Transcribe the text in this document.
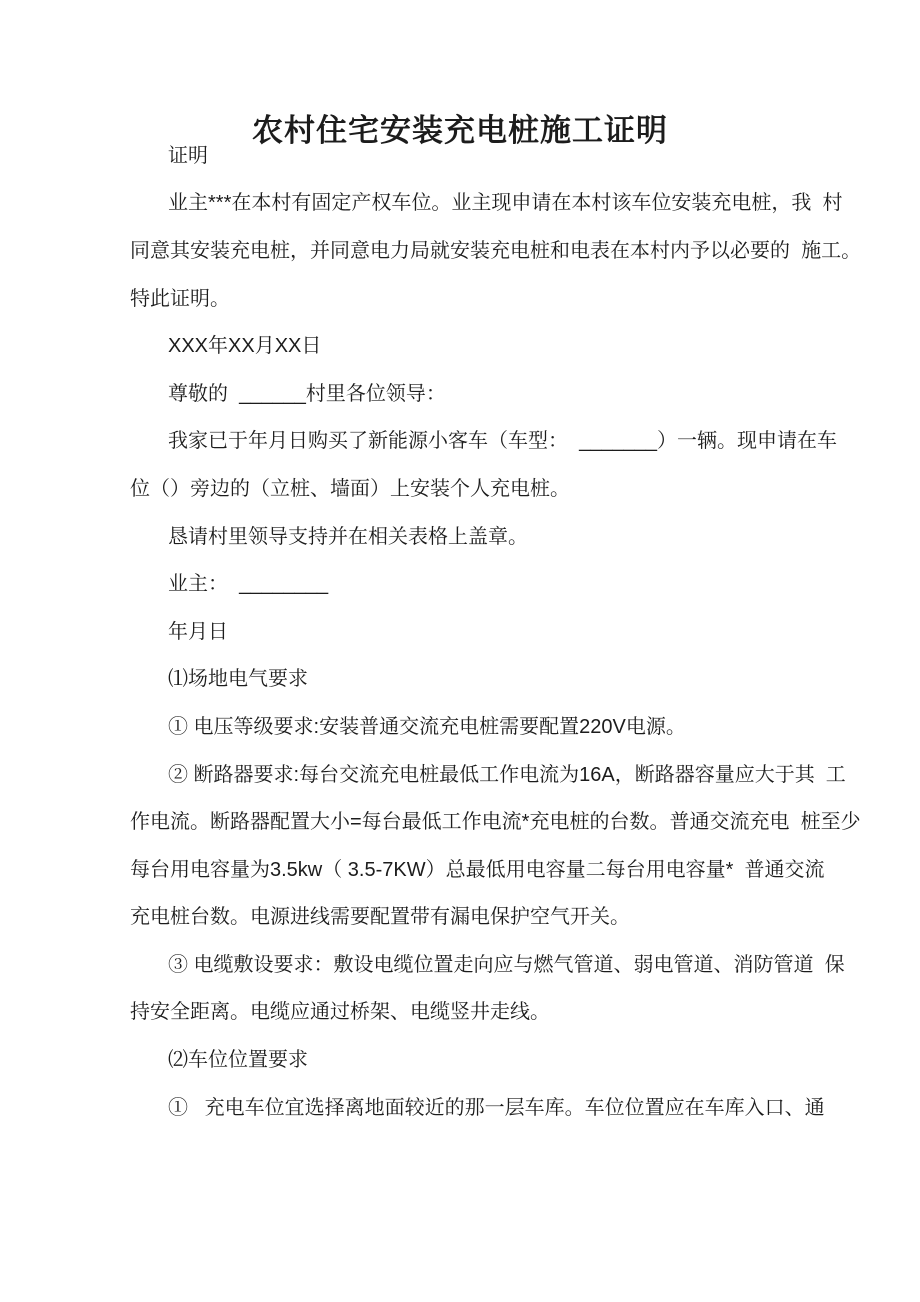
农村住宅安装充电桩施工证明
证明
业主***在本村有固定产权车位。业主现申请在本村该车位安装充电桩，我  村
同意其安装充电桩，并同意电力局就安装充电桩和电表在本村内予以必要的  施工。
特此证明。
XXX年XX月XX日
尊敬的  ______村里各位领导：
我家已于年月日购买了新能源小客车（车型：  _______）一辆。现申请在车
位（）旁边的（立桩、墙面）上安装个人充电桩。
恳请村里领导支持并在相关表格上盖章。
业主：  ________
年月日
⑴场地电气要求
① 电压等级要求:安装普通交流充电桩需要配置220V电源。
② 断路器要求:每台交流充电桩最低工作电流为16A，断路器容量应大于其  工
作电流。断路器配置大小=每台最低工作电流*充电桩的台数。普通交流充电  桩至少
每台用电容量为3.5kw（ 3.5-7KW）总最低用电容量二每台用电容量*  普通交流
充电桩台数。电源进线需要配置带有漏电保护空气开关。
③ 电缆敷设要求：敷设电缆位置走向应与燃气管道、弱电管道、消防管道  保
持安全距离。电缆应通过桥架、电缆竖井走线。
⑵车位位置要求
①   充电车位宜选择离地面较近的那一层车库。车位位置应在车库入口、通
